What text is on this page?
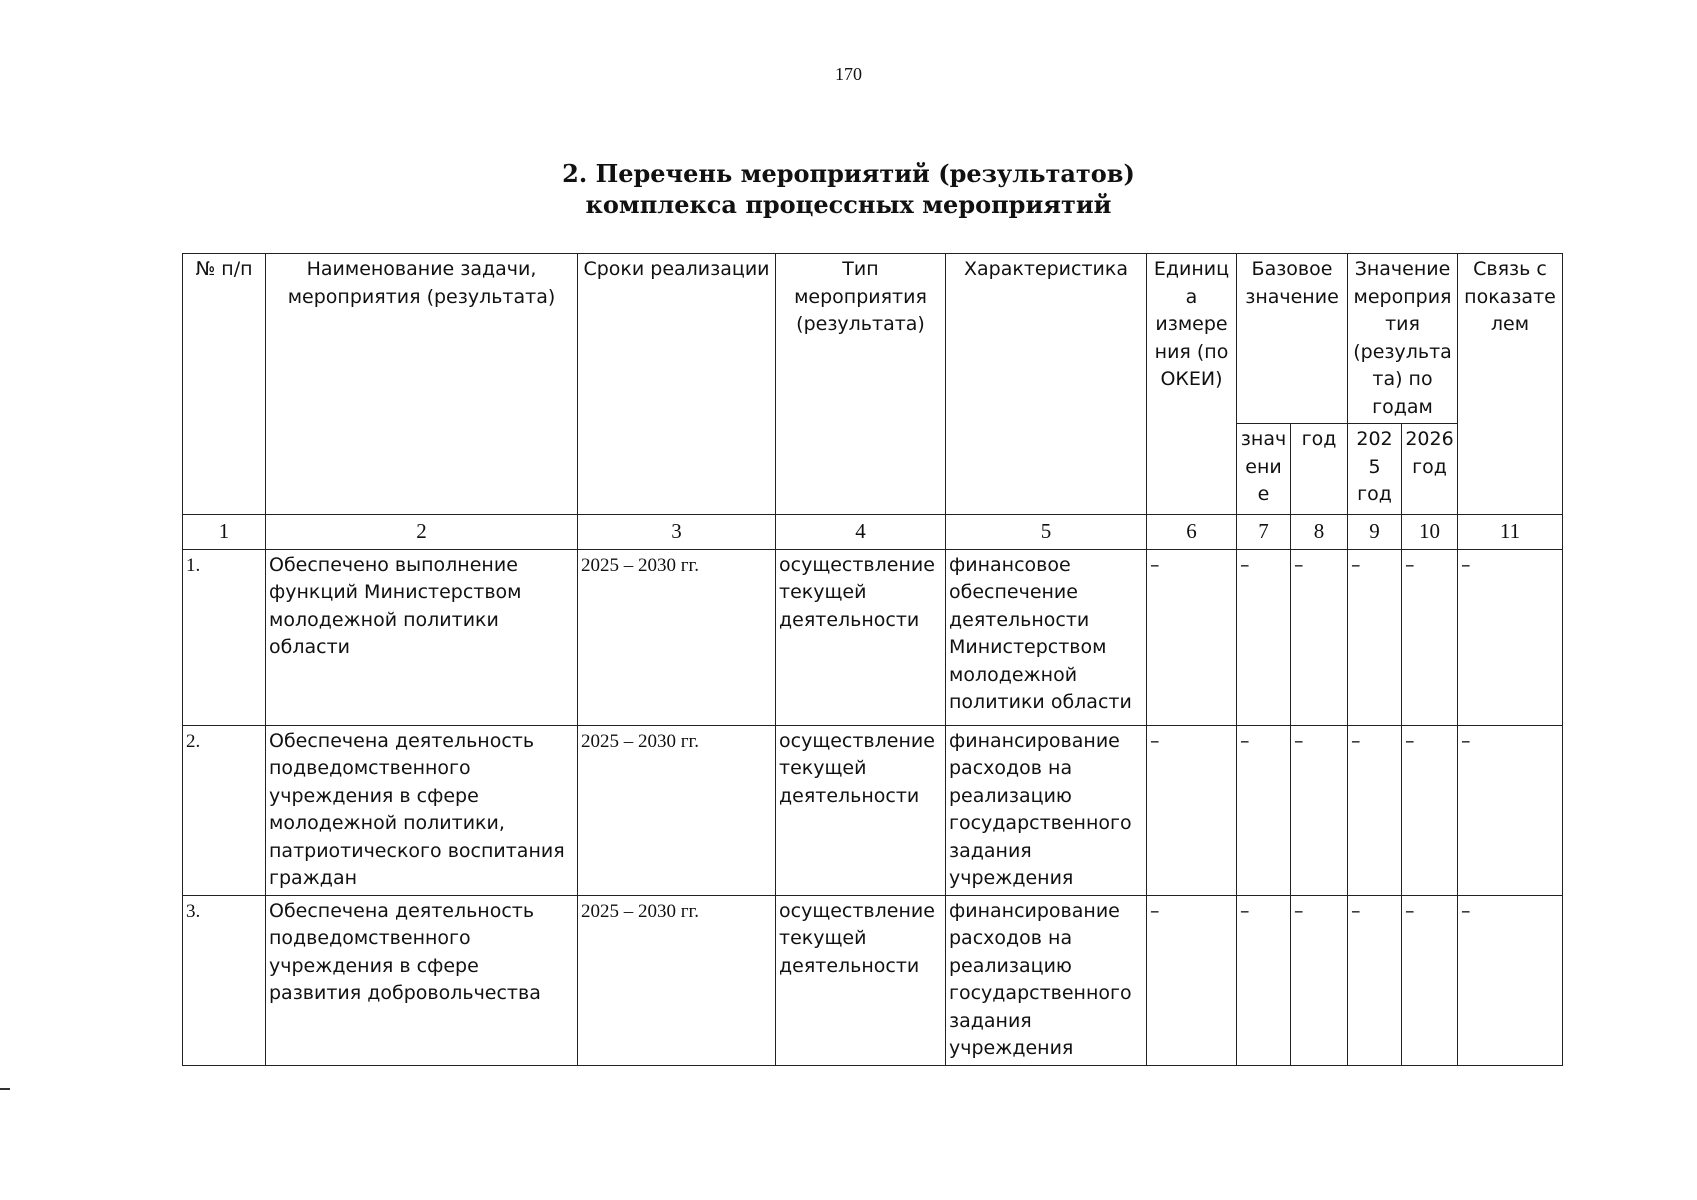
170
2. Перечень мероприятий (результатов)
комплекса процессных мероприятий
№ п/п	Наименование задачи, мероприятия (результата)	Сроки реализации	Тип мероприятия (результата)	Характеристика	Единица измерения (по ОКЕИ)	Базовое значение		Значение мероприятия (результата) по годам		Связь с показателем
						значение	год	2025 год	2026 год	
1	2	3	4	5	6	7	8	9	10	11
1.	Обеспечено выполнение функций Министерством молодежной политики области	2025 – 2030 гг.	осуществление текущей деятельности	финансовое обеспечение деятельности Министерством молодежной политики области	–	–	–	–	–	–
2.	Обеспечена деятельность подведомственного учреждения в сфере молодежной политики, патриотического воспитания граждан	2025 – 2030 гг.	осуществление текущей деятельности	финансирование расходов на реализацию государственного задания учреждения	–	–	–	–	–	–
3.	Обеспечена деятельность подведомственного учреждения в сфере развития добровольчества	2025 – 2030 гг.	осуществление текущей деятельности	финансирование расходов на реализацию государственного задания учреждения	–	–	–	–	–	–
